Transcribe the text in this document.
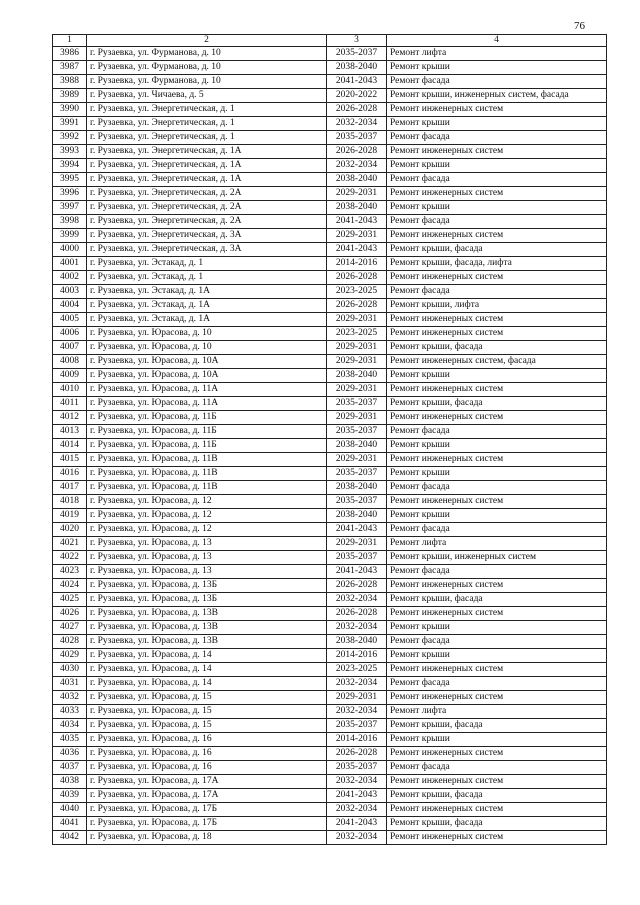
76
1	2	3	4
3986	г. Рузаевка, ул. Фурманова, д. 10	2035-2037	Ремонт лифта
3987	г. Рузаевка, ул. Фурманова, д. 10	2038-2040	Ремонт крыши
3988	г. Рузаевка, ул. Фурманова, д. 10	2041-2043	Ремонт фасада
3989	г. Рузаевка, ул. Чичаева, д. 5	2020-2022	Ремонт крыши, инженерных систем, фасада
3990	г. Рузаевка, ул. Энергетическая, д. 1	2026-2028	Ремонт инженерных систем
3991	г. Рузаевка, ул. Энергетическая, д. 1	2032-2034	Ремонт крыши
3992	г. Рузаевка, ул. Энергетическая, д. 1	2035-2037	Ремонт фасада
3993	г. Рузаевка, ул. Энергетическая, д. 1А	2026-2028	Ремонт инженерных систем
3994	г. Рузаевка, ул. Энергетическая, д. 1А	2032-2034	Ремонт крыши
3995	г. Рузаевка, ул. Энергетическая, д. 1А	2038-2040	Ремонт фасада
3996	г. Рузаевка, ул. Энергетическая, д. 2А	2029-2031	Ремонт инженерных систем
3997	г. Рузаевка, ул. Энергетическая, д. 2А	2038-2040	Ремонт крыши
3998	г. Рузаевка, ул. Энергетическая, д. 2А	2041-2043	Ремонт фасада
3999	г. Рузаевка, ул. Энергетическая, д. 3А	2029-2031	Ремонт инженерных систем
4000	г. Рузаевка, ул. Энергетическая, д. 3А	2041-2043	Ремонт крыши, фасада
4001	г. Рузаевка, ул. Эстакад, д. 1	2014-2016	Ремонт крыши, фасада, лифта
4002	г. Рузаевка, ул. Эстакад, д. 1	2026-2028	Ремонт инженерных систем
4003	г. Рузаевка, ул. Эстакад, д. 1А	2023-2025	Ремонт фасада
4004	г. Рузаевка, ул. Эстакад, д. 1А	2026-2028	Ремонт крыши, лифта
4005	г. Рузаевка, ул. Эстакад, д. 1А	2029-2031	Ремонт инженерных систем
4006	г. Рузаевка, ул. Юрасова, д. 10	2023-2025	Ремонт инженерных систем
4007	г. Рузаевка, ул. Юрасова, д. 10	2029-2031	Ремонт крыши, фасада
4008	г. Рузаевка, ул. Юрасова, д. 10А	2029-2031	Ремонт инженерных систем, фасада
4009	г. Рузаевка, ул. Юрасова, д. 10А	2038-2040	Ремонт крыши
4010	г. Рузаевка, ул. Юрасова, д. 11А	2029-2031	Ремонт инженерных систем
4011	г. Рузаевка, ул. Юрасова, д. 11А	2035-2037	Ремонт крыши, фасада
4012	г. Рузаевка, ул. Юрасова, д. 11Б	2029-2031	Ремонт инженерных систем
4013	г. Рузаевка, ул. Юрасова, д. 11Б	2035-2037	Ремонт фасада
4014	г. Рузаевка, ул. Юрасова, д. 11Б	2038-2040	Ремонт крыши
4015	г. Рузаевка, ул. Юрасова, д. 11В	2029-2031	Ремонт инженерных систем
4016	г. Рузаевка, ул. Юрасова, д. 11В	2035-2037	Ремонт крыши
4017	г. Рузаевка, ул. Юрасова, д. 11В	2038-2040	Ремонт фасада
4018	г. Рузаевка, ул. Юрасова, д. 12	2035-2037	Ремонт инженерных систем
4019	г. Рузаевка, ул. Юрасова, д. 12	2038-2040	Ремонт крыши
4020	г. Рузаевка, ул. Юрасова, д. 12	2041-2043	Ремонт фасада
4021	г. Рузаевка, ул. Юрасова, д. 13	2029-2031	Ремонт лифта
4022	г. Рузаевка, ул. Юрасова, д. 13	2035-2037	Ремонт крыши, инженерных систем
4023	г. Рузаевка, ул. Юрасова, д. 13	2041-2043	Ремонт фасада
4024	г. Рузаевка, ул. Юрасова, д. 13Б	2026-2028	Ремонт инженерных систем
4025	г. Рузаевка, ул. Юрасова, д. 13Б	2032-2034	Ремонт крыши, фасада
4026	г. Рузаевка, ул. Юрасова, д. 13В	2026-2028	Ремонт инженерных систем
4027	г. Рузаевка, ул. Юрасова, д. 13В	2032-2034	Ремонт крыши
4028	г. Рузаевка, ул. Юрасова, д. 13В	2038-2040	Ремонт фасада
4029	г. Рузаевка, ул. Юрасова, д. 14	2014-2016	Ремонт крыши
4030	г. Рузаевка, ул. Юрасова, д. 14	2023-2025	Ремонт инженерных систем
4031	г. Рузаевка, ул. Юрасова, д. 14	2032-2034	Ремонт фасада
4032	г. Рузаевка, ул. Юрасова, д. 15	2029-2031	Ремонт инженерных систем
4033	г. Рузаевка, ул. Юрасова, д. 15	2032-2034	Ремонт лифта
4034	г. Рузаевка, ул. Юрасова, д. 15	2035-2037	Ремонт крыши, фасада
4035	г. Рузаевка, ул. Юрасова, д. 16	2014-2016	Ремонт крыши
4036	г. Рузаевка, ул. Юрасова, д. 16	2026-2028	Ремонт инженерных систем
4037	г. Рузаевка, ул. Юрасова, д. 16	2035-2037	Ремонт фасада
4038	г. Рузаевка, ул. Юрасова, д. 17А	2032-2034	Ремонт инженерных систем
4039	г. Рузаевка, ул. Юрасова, д. 17А	2041-2043	Ремонт крыши, фасада
4040	г. Рузаевка, ул. Юрасова, д. 17Б	2032-2034	Ремонт инженерных систем
4041	г. Рузаевка, ул. Юрасова, д. 17Б	2041-2043	Ремонт крыши, фасада
4042	г. Рузаевка, ул. Юрасова, д. 18	2032-2034	Ремонт инженерных систем
